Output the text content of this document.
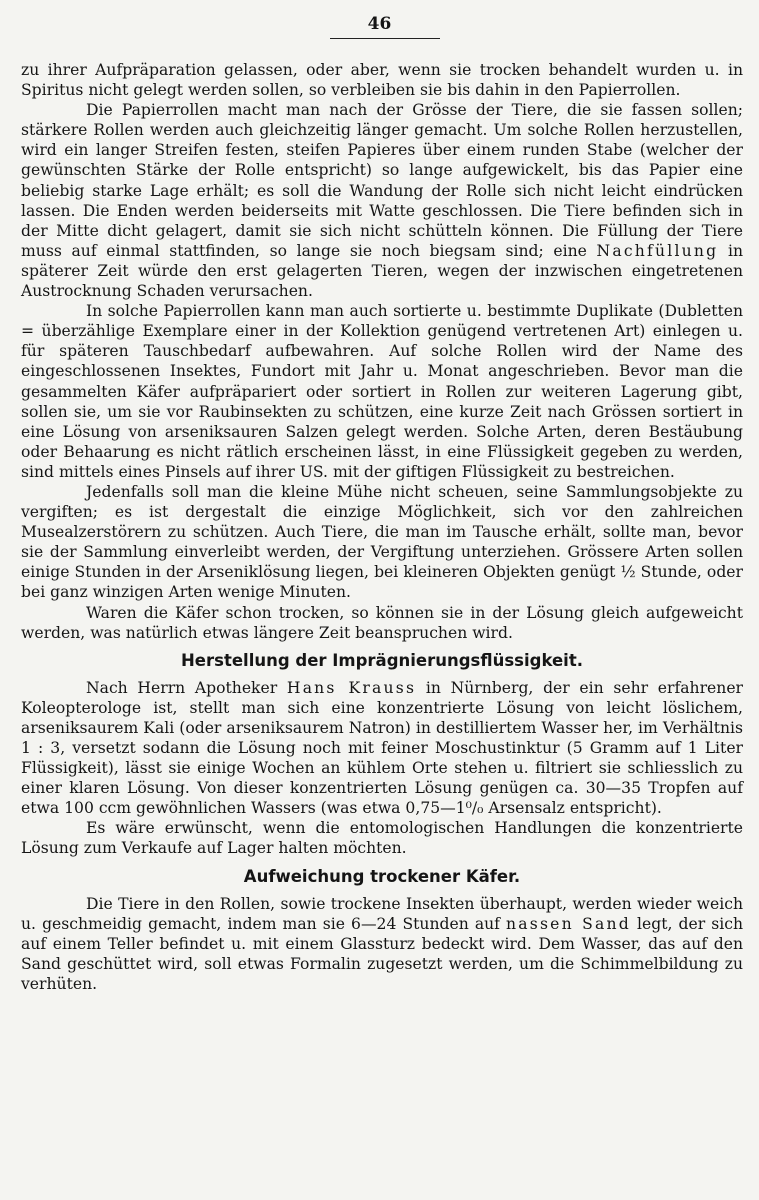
46

zu ihrer Aufpräparation gelassen, oder aber, wenn sie trocken behandelt wurden u. in Spiritus nicht gelegt werden sollen, so verbleiben sie bis dahin in den Papierrollen.

Die Papierrollen macht man nach der Grösse der Tiere, die sie fassen sollen; stärkere Rollen werden auch gleichzeitig länger gemacht. Um solche Rollen herzustellen, wird ein langer Streifen festen, steifen Papieres über einem runden Stabe (welcher der gewünschten Stärke der Rolle entspricht) so lange aufgewickelt, bis das Papier eine beliebig starke Lage erhält; es soll die Wandung der Rolle sich nicht leicht eindrücken lassen. Die Enden werden beiderseits mit Watte geschlossen. Die Tiere befinden sich in der Mitte dicht gelagert, damit sie sich nicht schütteln können. Die Füllung der Tiere muss auf einmal stattfinden, so lange sie noch biegsam sind; eine Nachfüllung in späterer Zeit würde den erst gelagerten Tieren, wegen der inzwischen eingetretenen Austrocknung Schaden verursachen.

In solche Papierrollen kann man auch sortierte u. bestimmte Duplikate (Dubletten = überzählige Exemplare einer in der Kollektion genügend vertretenen Art) einlegen u. für späteren Tauschbedarf aufbewahren. Auf solche Rollen wird der Name des eingeschlossenen Insektes, Fundort mit Jahr u. Monat angeschrieben. Bevor man die gesammelten Käfer aufpräpariert oder sortiert in Rollen zur weiteren Lagerung gibt, sollen sie, um sie vor Raubinsekten zu schützen, eine kurze Zeit nach Grössen sortiert in eine Lösung von arseniksauren Salzen gelegt werden. Solche Arten, deren Bestäubung oder Behaarung es nicht rätlich erscheinen lässt, in eine Flüssigkeit gegeben zu werden, sind mittels eines Pinsels auf ihrer US. mit der giftigen Flüssigkeit zu bestreichen.

Jedenfalls soll man die kleine Mühe nicht scheuen, seine Sammlungsobjekte zu vergiften; es ist dergestalt die einzige Möglichkeit, sich vor den zahlreichen Musealzerstörern zu schützen. Auch Tiere, die man im Tausche erhält, sollte man, bevor sie der Sammlung einverleibt werden, der Vergiftung unterziehen. Grössere Arten sollen einige Stunden in der Arseniklösung liegen, bei kleineren Objekten genügt ½ Stunde, oder bei ganz winzigen Arten wenige Minuten.

Waren die Käfer schon trocken, so können sie in der Lösung gleich aufgeweicht werden, was natürlich etwas längere Zeit beanspruchen wird.

Herstellung der Imprägnierungsflüssigkeit.

Nach Herrn Apotheker Hans Krauss in Nürnberg, der ein sehr erfahrener Koleopterologe ist, stellt man sich eine konzentrierte Lösung von leicht löslichem, arseniksaurem Kali (oder arseniksaurem Natron) in destilliertem Wasser her, im Verhältnis 1 : 3, versetzt sodann die Lösung noch mit feiner Moschustinktur (5 Gramm auf 1 Liter Flüssigkeit), lässt sie einige Wochen an kühlem Orte stehen u. filtriert sie schliesslich zu einer klaren Lösung. Von dieser konzentrierten Lösung genügen ca. 30—35 Tropfen auf etwa 100 ccm gewöhnlichen Wassers (was etwa 0,75—1⁰/₀ Arsensalz entspricht).

Es wäre erwünscht, wenn die entomologischen Handlungen die konzentrierte Lösung zum Verkaufe auf Lager halten möchten.

Aufweichung trockener Käfer.

Die Tiere in den Rollen, sowie trockene Insekten überhaupt, werden wieder weich u. geschmeidig gemacht, indem man sie 6—24 Stunden auf nassen Sand legt, der sich auf einem Teller befindet u. mit einem Glassturz bedeckt wird. Dem Wasser, das auf den Sand geschüttet wird, soll etwas Formalin zugesetzt werden, um die Schimmelbildung zu verhüten.
